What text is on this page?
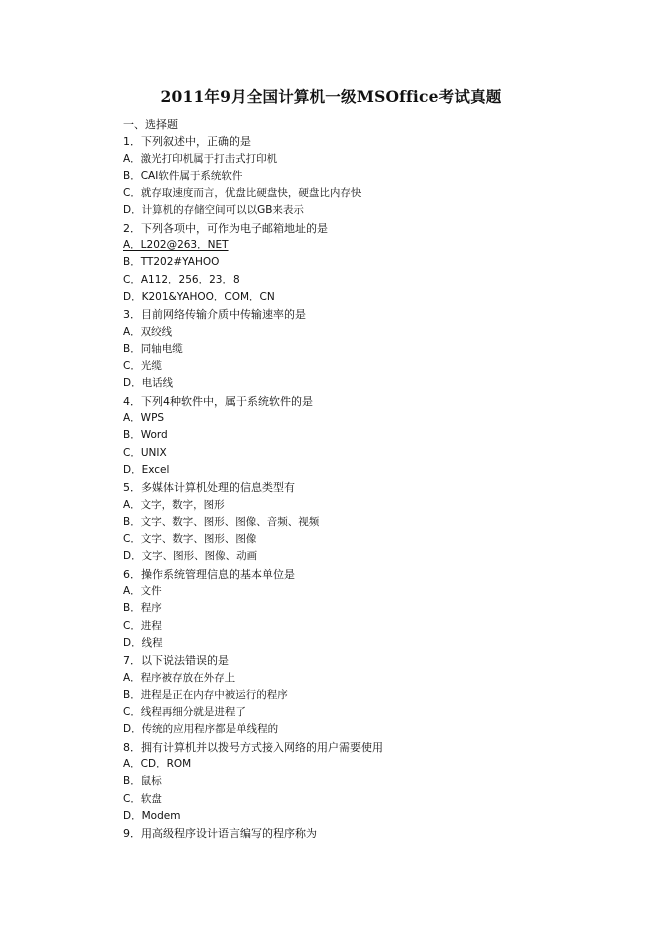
2011年9月全国计算机一级MSOffice考试真题
一、选择题
1．下列叙述中，正确的是
A．激光打印机属于打击式打印机
B．CAI软件属于系统软件
C．就存取速度而言，优盘比硬盘快，硬盘比内存快
D．计算机的存储空间可以以GB来表示
2．下列各项中，可作为电子邮箱地址的是
A．L202@263．NET
B．TT202#YAHOO
C．A112．256．23．8
D．K201&YAHOO．COM．CN
3．目前网络传输介质中传输速率的是
A．双绞线
B．同轴电缆
C．光缆
D．电话线
4．下列4种软件中，属于系统软件的是
A．WPS
B．Word
C．UNIX
D．Excel
5．多媒体计算机处理的信息类型有
A．文字，数字，图形
B．文字、数字、图形、图像、音频、视频
C．文字、数字、图形、图像
D．文字、图形、图像、动画
6．操作系统管理信息的基本单位是
A．文件
B．程序
C．进程
D．线程
7．以下说法错误的是
A．程序被存放在外存上
B．进程是正在内存中被运行的程序
C．线程再细分就是进程了
D．传统的应用程序都是单线程的
8．拥有计算机并以拨号方式接入网络的用户需要使用
A．CD．ROM
B．鼠标
C．软盘
D．Modem
9．用高级程序设计语言编写的程序称为
